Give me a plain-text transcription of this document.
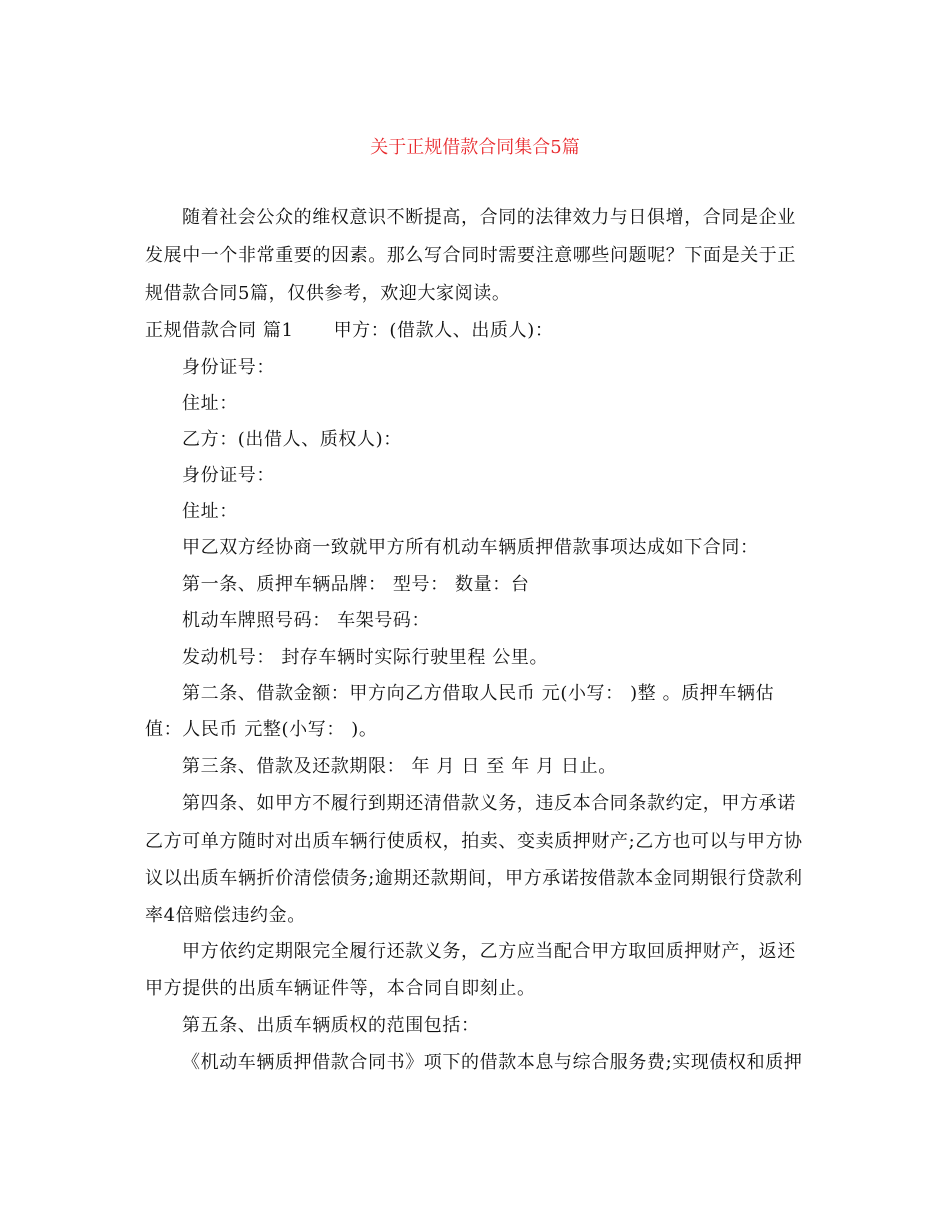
关于正规借款合同集合5篇
随着社会公众的维权意识不断提高，合同的法律效力与日俱增，合同是企业
发展中一个非常重要的因素。那么写合同时需要注意哪些问题呢？下面是关于正
规借款合同5篇，仅供参考，欢迎大家阅读。
正规借款合同 篇1 甲方：(借款人、出质人)：
身份证号：
住址：
乙方：(出借人、质权人)：
身份证号：
住址：
甲乙双方经协商一致就甲方所有机动车辆质押借款事项达成如下合同：
第一条、质押车辆品牌： 型号： 数量：台
机动车牌照号码： 车架号码：
发动机号： 封存车辆时实际行驶里程 公里。
第二条、借款金额：甲方向乙方借取人民币 元(小写： )整 。质押车辆估
值：人民币 元整(小写： )。
第三条、借款及还款期限： 年 月 日 至 年 月 日止。
第四条、如甲方不履行到期还清借款义务，违反本合同条款约定，甲方承诺
乙方可单方随时对出质车辆行使质权，拍卖、变卖质押财产;乙方也可以与甲方协
议以出质车辆折价清偿债务;逾期还款期间，甲方承诺按借款本金同期银行贷款利
率4倍赔偿违约金。
甲方依约定期限完全履行还款义务，乙方应当配合甲方取回质押财产，返还
甲方提供的出质车辆证件等，本合同自即刻止。
第五条、出质车辆质权的范围包括：
《机动车辆质押借款合同书》项下的借款本息与综合服务费;实现债权和质押
